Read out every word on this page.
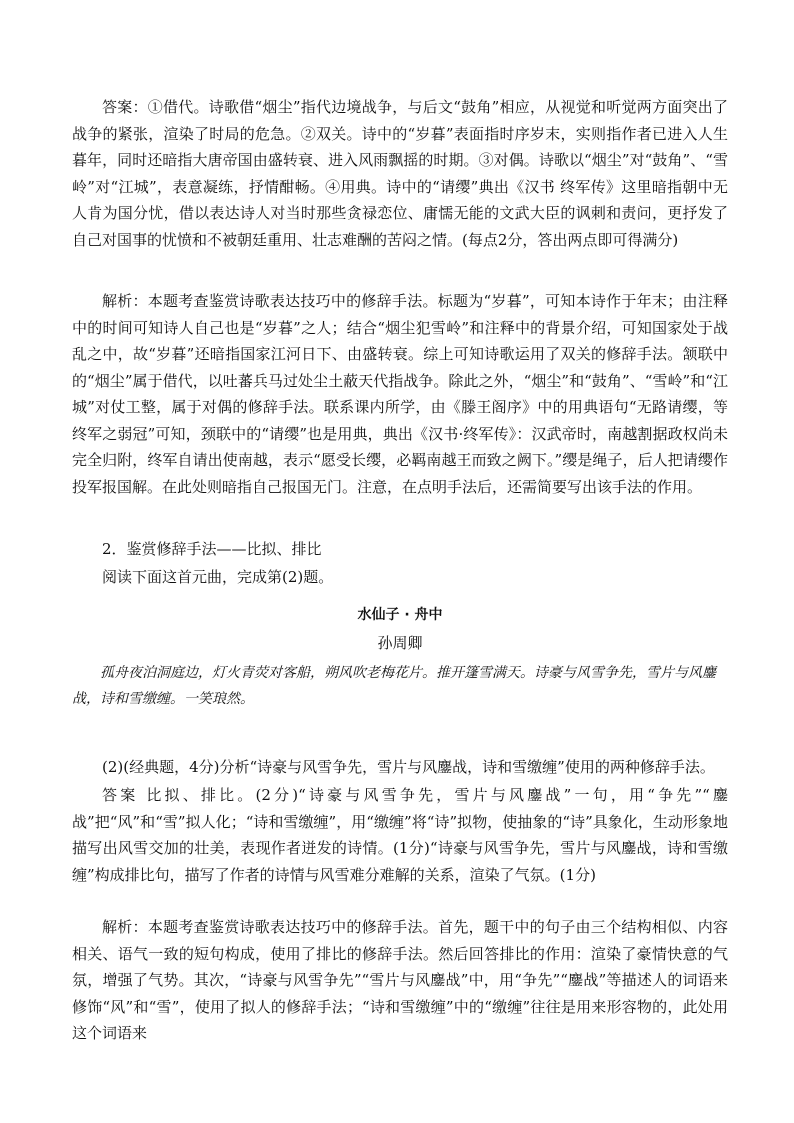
答案：①借代。诗歌借“烟尘”指代边境战争，与后文“鼓角”相应，从视觉和听觉两方面突出了战争的紧张，渲染了时局的危急。②双关。诗中的“岁暮”表面指时序岁末，实则指作者已进入人生暮年，同时还暗指大唐帝国由盛转衰、进入风雨飘摇的时期。③对偶。诗歌以“烟尘”对“鼓角”、“雪岭”对“江城”，表意凝练，抒情酣畅。④用典。诗中的“请缨”典出《汉书 终军传》这里暗指朝中无人肯为国分忧，借以表达诗人对当时那些贪禄恋位、庸懦无能的文武大臣的讽刺和责问，更抒发了自己对国事的忧愤和不被朝廷重用、壮志难酬的苦闷之情。(每点2分，答出两点即可得满分)

解析：本题考查鉴赏诗歌表达技巧中的修辞手法。标题为“岁暮”，可知本诗作于年末；由注释中的时间可知诗人自己也是“岁暮”之人；结合“烟尘犯雪岭”和注释中的背景介绍，可知国家处于战乱之中，故“岁暮”还暗指国家江河日下、由盛转衰。综上可知诗歌运用了双关的修辞手法。颔联中的“烟尘”属于借代，以吐蕃兵马过处尘土蔽天代指战争。除此之外，“烟尘”和“鼓角”、“雪岭”和“江城”对仗工整，属于对偶的修辞手法。联系课内所学，由《滕王阁序》中的用典语句“无路请缨，等终军之弱冠”可知，颈联中的“请缨”也是用典，典出《汉书·终军传》：汉武帝时，南越割据政权尚未完全归附，终军自请出使南越，表示“愿受长缨，必羁南越王而致之阙下。”缨是绳子，后人把请缨作投军报国解。在此处则暗指自己报国无门。注意，在点明手法后，还需简要写出该手法的作用。

2．鉴赏修辞手法——比拟、排比

阅读下面这首元曲，完成第(2)题。

水仙子 · 舟中

孙周卿

孤舟夜泊洞庭边，灯火青荧对客船，朔风吹老梅花片。推开篷雪满天。诗豪与风雪争先，雪片与风鏖战，诗和雪缴缠。一笑琅然。

(2)(经典题，4分)分析“诗豪与风雪争先，雪片与风鏖战，诗和雪缴缠”使用的两种修辞手法。

答案 比拟、排比。(2分)“诗豪与风雪争先，雪片与风鏖战”一句，用“争先”“鏖战”把“风”和“雪”拟人化；“诗和雪缴缠”，用“缴缠”将“诗”拟物，使抽象的“诗”具象化，生动形象地描写出风雪交加的壮美，表现作者迸发的诗情。(1分)“诗豪与风雪争先，雪片与风鏖战，诗和雪缴缠”构成排比句，描写了作者的诗情与风雪难分难解的关系，渲染了气氛。(1分)

解析：本题考查鉴赏诗歌表达技巧中的修辞手法。首先，题干中的句子由三个结构相似、内容相关、语气一致的短句构成，使用了排比的修辞手法。然后回答排比的作用：渲染了豪情快意的气氛，增强了气势。其次，“诗豪与风雪争先”“雪片与风鏖战”中，用“争先”“鏖战”等描述人的词语来修饰“风”和“雪”，使用了拟人的修辞手法；“诗和雪缴缠”中的“缴缠”往往是用来形容物的，此处用这个词语来
